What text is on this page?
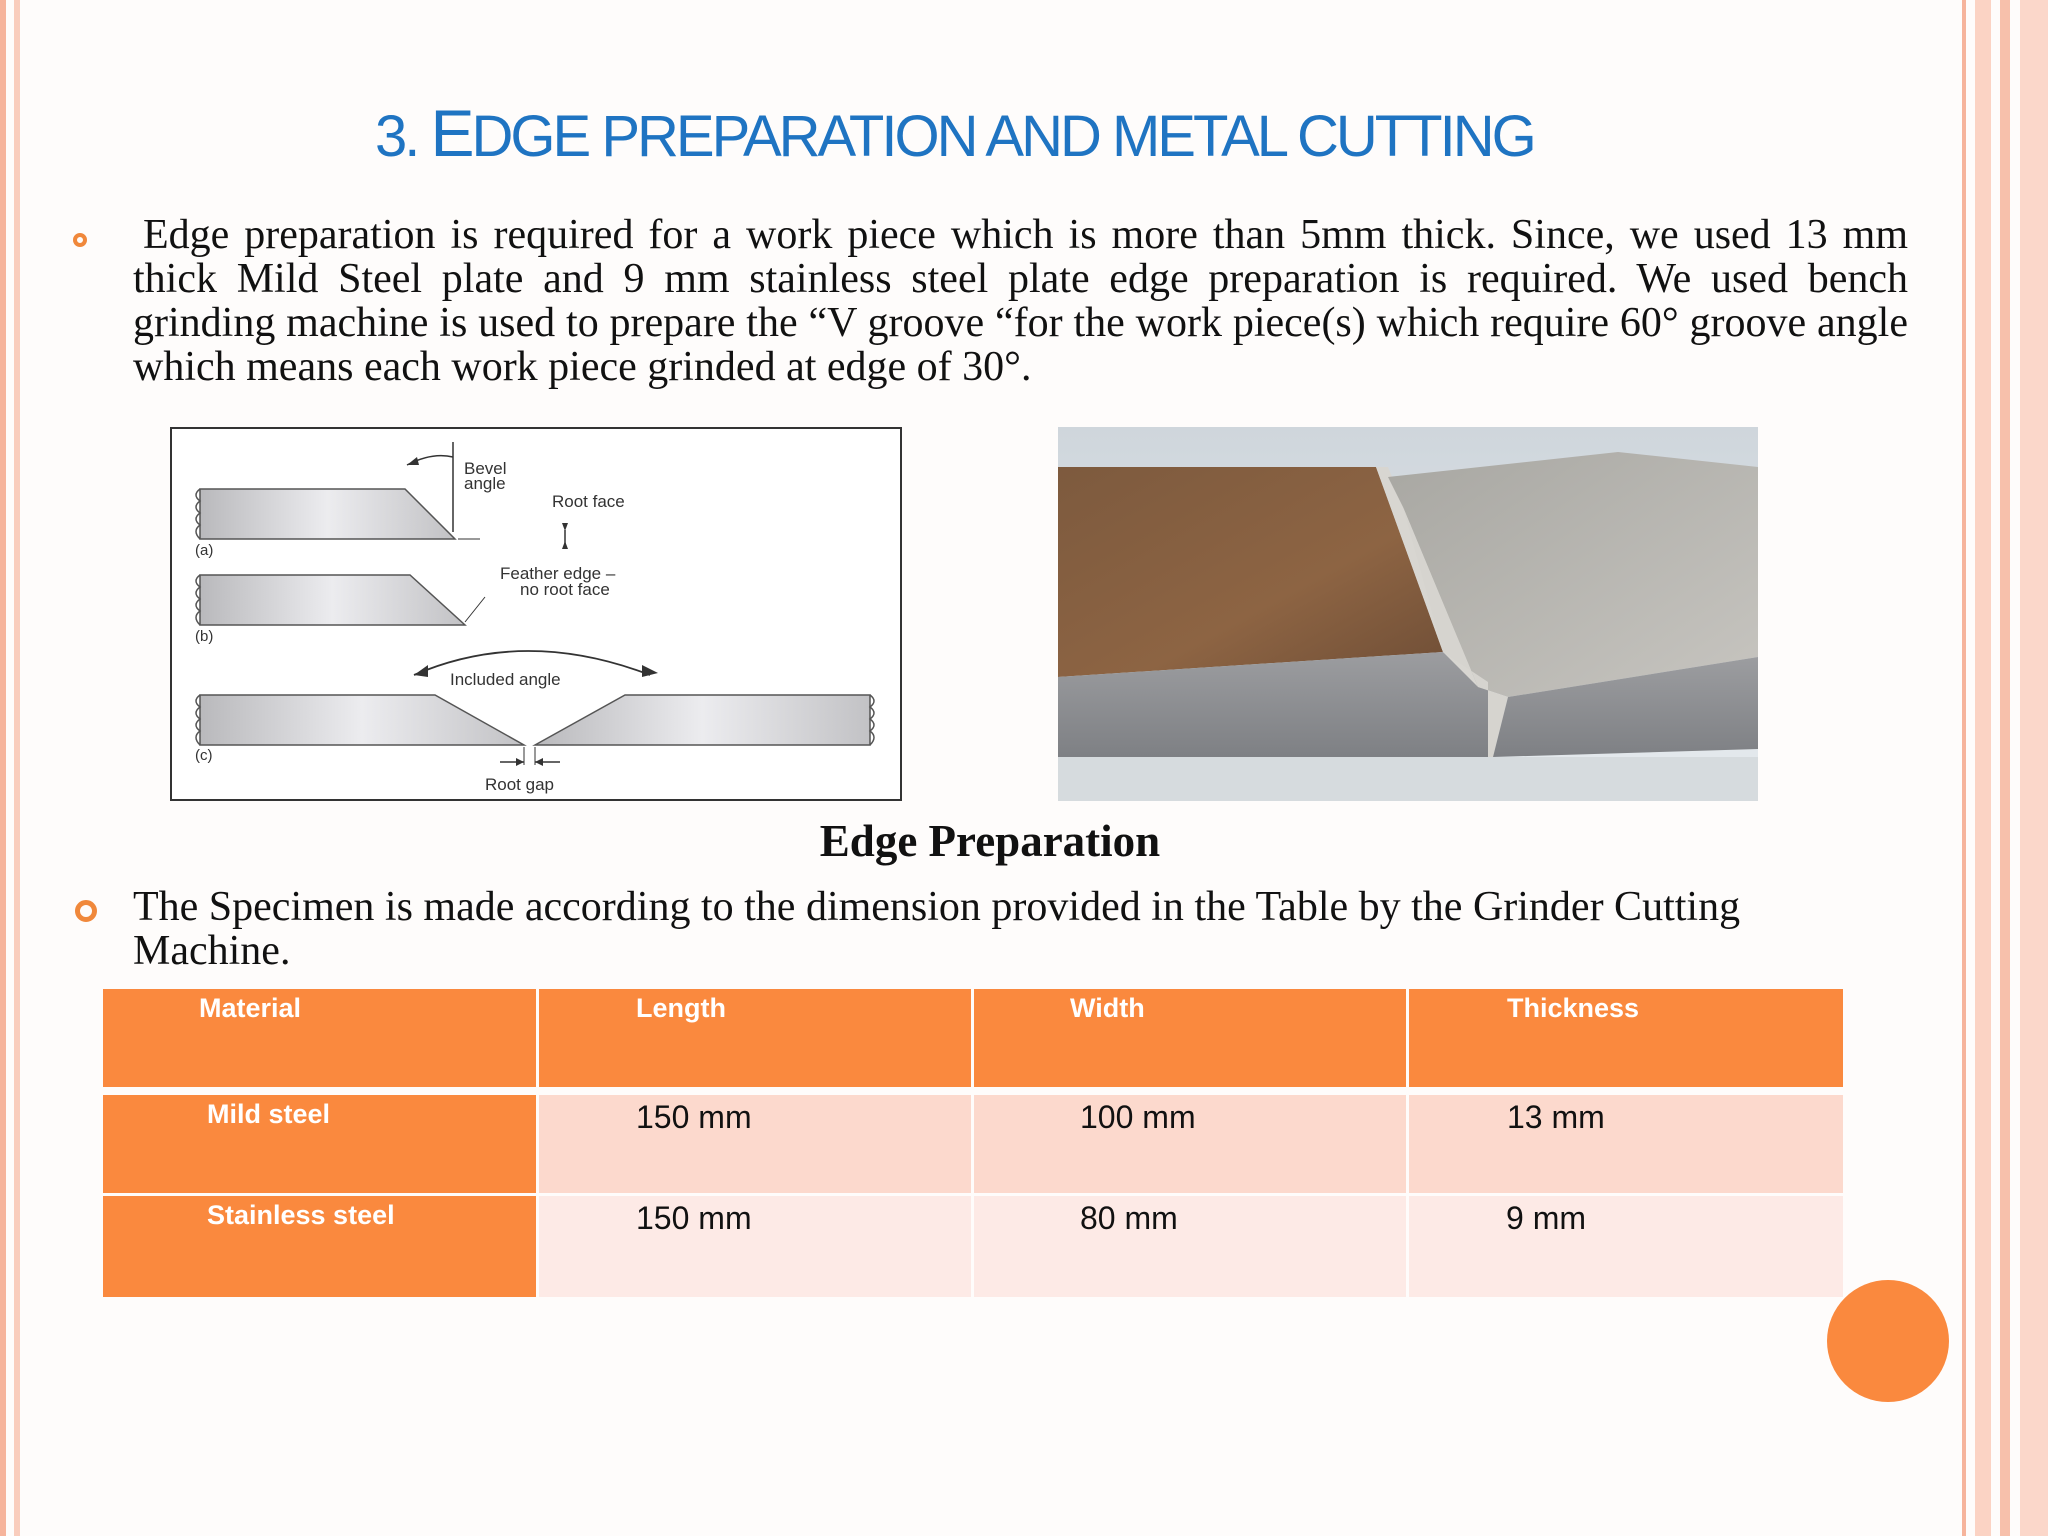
3. EDGE PREPARATION AND METAL CUTTING
Edge preparation is required for a work piece which is more than 5mm thick. Since, we used 13 mm thick Mild Steel plate and 9 mm stainless steel plate edge preparation is required. We used bench grinding machine is used to prepare the “V groove “for the work piece(s) which require 60° groove angle which means each work piece grinded at edge of 30°.
Bevel
angle
Root face
(a)
Feather edge –
no root face
(b)
Included angle
Root gap
(c)
Edge Preparation
The Specimen is made according to the dimension provided in the Table by the Grinder Cutting Machine.
Material	Length	Width	Thickness
Mild steel	150 mm	100 mm	13 mm
Stainless steel	150 mm	80 mm	9 mm
